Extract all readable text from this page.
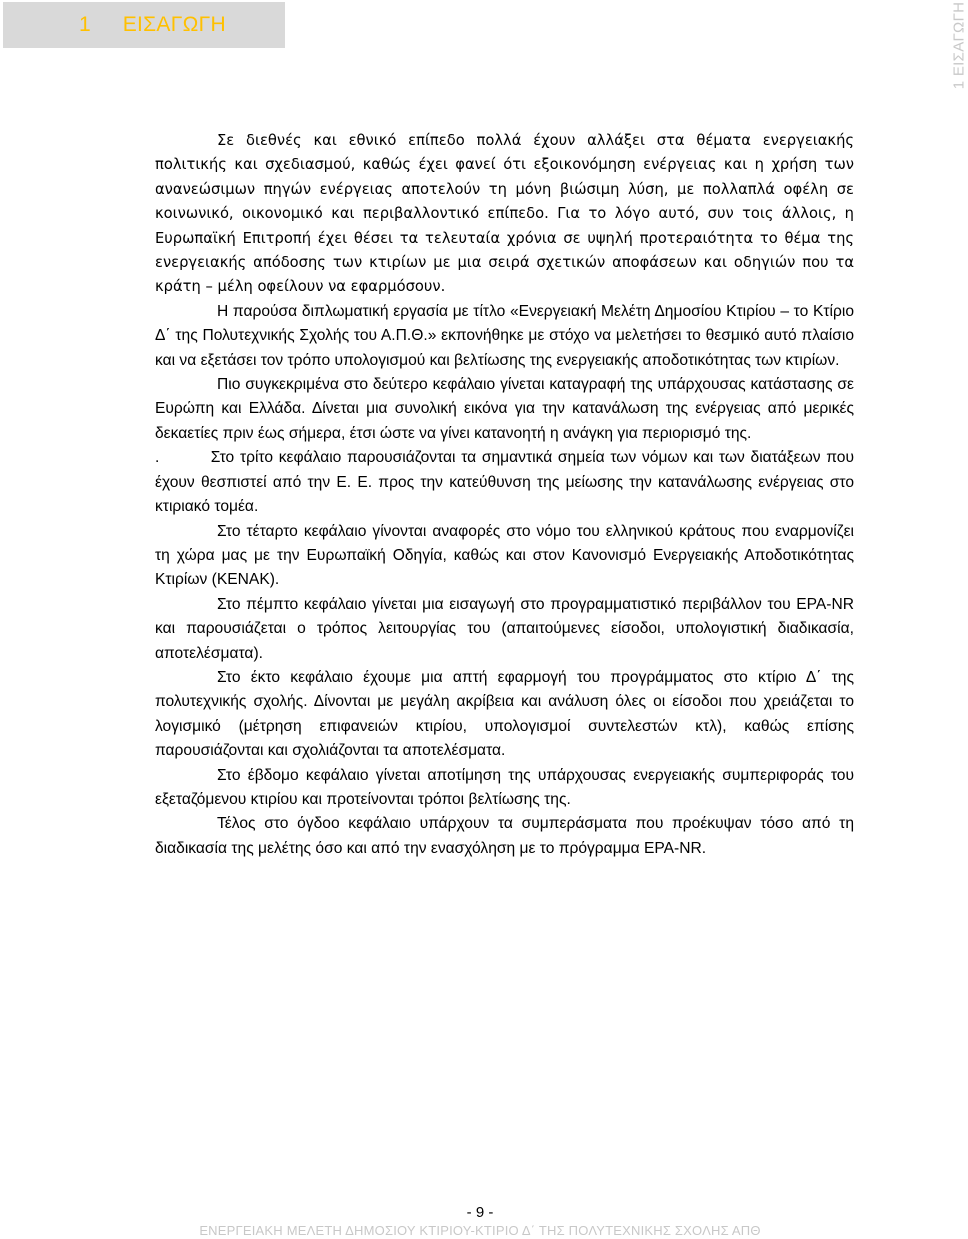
1 ΕΙΣΑΓΩΓΗ	1 ΕΙΣΑΓΩΓΗ

Σε διεθνές και εθνικό επίπεδο πολλά έχουν αλλάξει στα θέματα ενεργειακής πολιτικής και σχεδιασμού, καθώς έχει φανεί ότι εξοικονόμηση ενέργειας και η χρήση των ανανεώσιμων πηγών ενέργειας αποτελούν τη μόνη βιώσιμη λύση, με πολλαπλά οφέλη σε κοινωνικό, οικονομικό και περιβαλλοντικό επίπεδο. Για το λόγο αυτό, συν τοις άλλοις, η Ευρωπαϊκή Επιτροπή έχει θέσει τα τελευταία χρόνια σε υψηλή προτεραιότητα το θέμα της ενεργειακής απόδοσης των κτιρίων με μια σειρά σχετικών αποφάσεων και οδηγιών που τα κράτη – μέλη οφείλουν να εφαρμόσουν.

Η παρούσα διπλωματική εργασία με τίτλο «Ενεργειακή Μελέτη Δημοσίου Κτιρίου – το Κτίριο Δ΄ της Πολυτεχνικής Σχολής του Α.Π.Θ.» εκπονήθηκε με στόχο να μελετήσει το θεσμικό αυτό πλαίσιο και να εξετάσει τον τρόπο υπολογισμού και βελτίωσης της ενεργειακής αποδοτικότητας των κτιρίων.

Πιο συγκεκριμένα στο δεύτερο κεφάλαιο γίνεται καταγραφή της υπάρχουσας κατάστασης σε Ευρώπη και Ελλάδα. Δίνεται μια συνολική εικόνα για την κατανάλωση της ενέργειας από μερικές δεκαετίες πριν έως σήμερα, έτσι ώστε να γίνει κατανοητή η ανάγκη για περιορισμό της.

.         Στο τρίτο κεφάλαιο παρουσιάζονται τα σημαντικά σημεία των νόμων και των διατάξεων που έχουν θεσπιστεί από την Ε. Ε. προς την κατεύθυνση της μείωσης την κατανάλωσης ενέργειας στο κτιριακό τομέα.

Στο τέταρτο κεφάλαιο γίνονται αναφορές στο νόμο του ελληνικού κράτους που εναρμονίζει τη χώρα μας με την Ευρωπαϊκή Οδηγία, καθώς και στον Κανονισμό Ενεργειακής Αποδοτικότητας Κτιρίων (ΚΕΝΑΚ).

Στο πέμπτο κεφάλαιο γίνεται μια εισαγωγή στο προγραμματιστικό περιβάλλον του EPA-NR και παρουσιάζεται ο τρόπος λειτουργίας του (απαιτούμενες είσοδοι, υπολογιστική διαδικασία, αποτελέσματα).

Στο έκτο κεφάλαιο έχουμε μια απτή εφαρμογή του προγράμματος στο κτίριο Δ΄ της πολυτεχνικής σχολής. Δίνονται με μεγάλη ακρίβεια και ανάλυση όλες οι είσοδοι που χρειάζεται το λογισμικό (μέτρηση επιφανειών κτιρίου, υπολογισμοί συντελεστών κτλ), καθώς επίσης παρουσιάζονται και σχολιάζονται τα αποτελέσματα.

Στο έβδομο κεφάλαιο γίνεται αποτίμηση της υπάρχουσας ενεργειακής συμπεριφοράς του εξεταζόμενου κτιρίου και προτείνονται τρόποι βελτίωσης της.

Τέλος στο όγδοο κεφάλαιο υπάρχουν τα συμπεράσματα που προέκυψαν τόσο από τη διαδικασία της μελέτης όσο και από την ενασχόληση με το πρόγραμμα EPA-NR.

- 9 -
ΕΝΕΡΓΕΙΑΚΗ ΜΕΛΕΤΗ ΔΗΜΟΣΙΟΥ ΚΤΙΡΙΟΥ-ΚΤΙΡΙΟ Δ΄ ΤΗΣ ΠΟΛΥΤΕΧΝΙΚΗΣ ΣΧΟΛΗΣ ΑΠΘ
